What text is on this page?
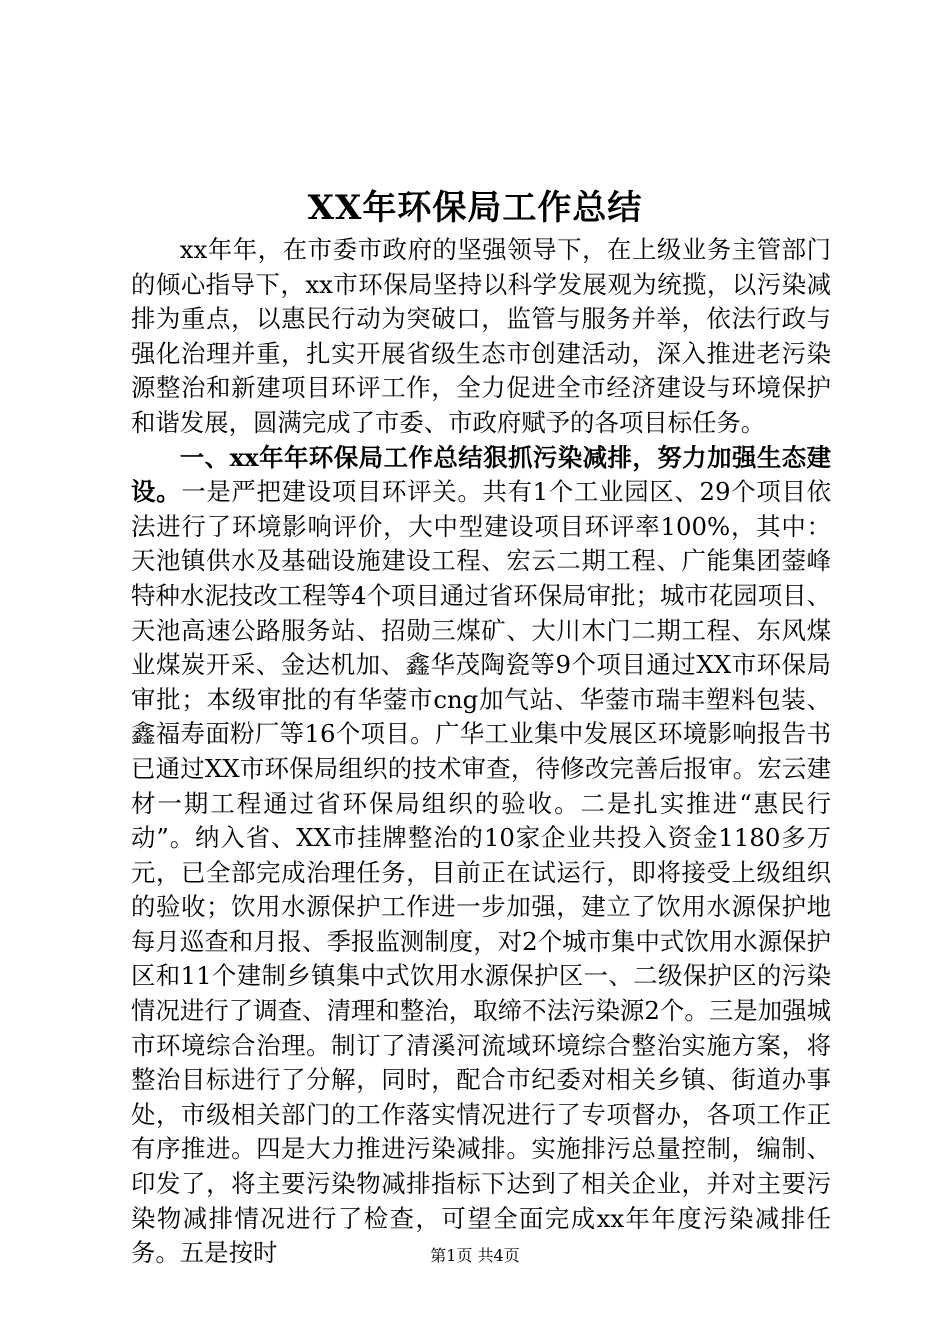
XX年环保局工作总结

xx年年，在市委市政府的坚强领导下，在上级业务主管部门的倾心指导下，xx市环保局坚持以科学发展观为统揽，以污染减排为重点，以惠民行动为突破口，监管与服务并举，依法行政与强化治理并重，扎实开展省级生态市创建活动，深入推进老污染源整治和新建项目环评工作，全力促进全市经济建设与环境保护和谐发展，圆满完成了市委、市政府赋予的各项目标任务。

一、xx年年环保局工作总结狠抓污染减排，努力加强生态建设。一是严把建设项目环评关。共有1个工业园区、29个项目依法进行了环境影响评价，大中型建设项目环评率100%，其中：天池镇供水及基础设施建设工程、宏云二期工程、广能集团蓥峰特种水泥技改工程等4个项目通过省环保局审批；城市花园项目、天池高速公路服务站、招勋三煤矿、大川木门二期工程、东风煤业煤炭开采、金达机加、鑫华茂陶瓷等9个项目通过XX市环保局审批；本级审批的有华蓥市cng加气站、华蓥市瑞丰塑料包装、鑫福寿面粉厂等16个项目。广华工业集中发展区环境影响报告书已通过XX市环保局组织的技术审查，待修改完善后报审。宏云建材一期工程通过省环保局组织的验收。二是扎实推进“惠民行动”。纳入省、XX市挂牌整治的10家企业共投入资金1180多万元，已全部完成治理任务，目前正在试运行，即将接受上级组织的验收；饮用水源保护工作进一步加强，建立了饮用水源保护地每月巡查和月报、季报监测制度，对2个城市集中式饮用水源保护区和11个建制乡镇集中式饮用水源保护区一、二级保护区的污染情况进行了调查、清理和整治，取缔不法污染源2个。三是加强城市环境综合治理。制订了清溪河流域环境综合整治实施方案，将整治目标进行了分解，同时，配合市纪委对相关乡镇、街道办事处，市级相关部门的工作落实情况进行了专项督办，各项工作正有序推进。四是大力推进污染减排。实施排污总量控制，编制、印发了，将主要污染物减排指标下达到了相关企业，并对主要污染物减排情况进行了检查，可望全面完成xx年年度污染减排任务。五是按时	第1页 共4页
